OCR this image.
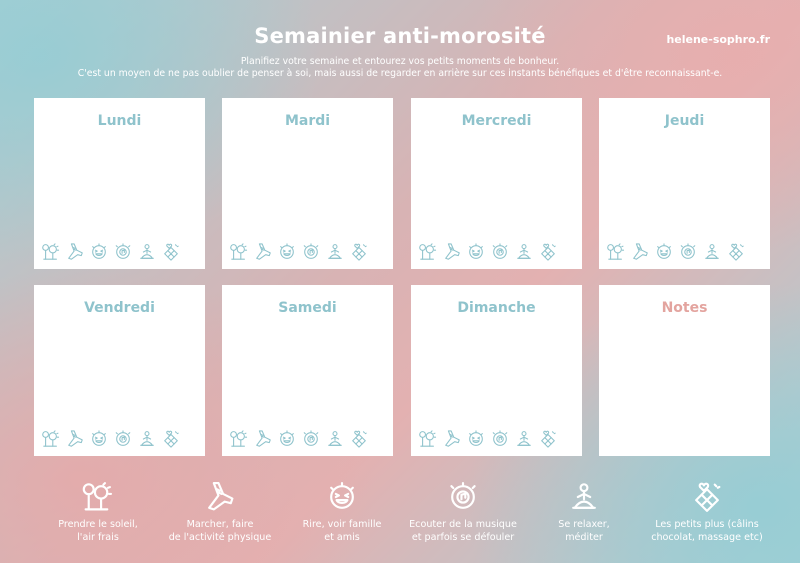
Semainier anti-morosité	helene-sophro.fr
Planifiez votre semaine et entourez vos petits moments de bonheur.
C'est un moyen de ne pas oublier de penser à soi, mais aussi de regarder en arrière sur ces instants bénéfiques et d'être reconnaissant-e.
Lundi	Mardi	Mercredi	Jeudi
Vendredi	Samedi	Dimanche	Notes
Prendre le soleil,
l'air frais
Marcher, faire
de l'activité physique
Rire, voir famille
et amis
Ecouter de la musique
et parfois se défouler
Se relaxer,
méditer
Les petits plus (câlins
chocolat, massage etc)
